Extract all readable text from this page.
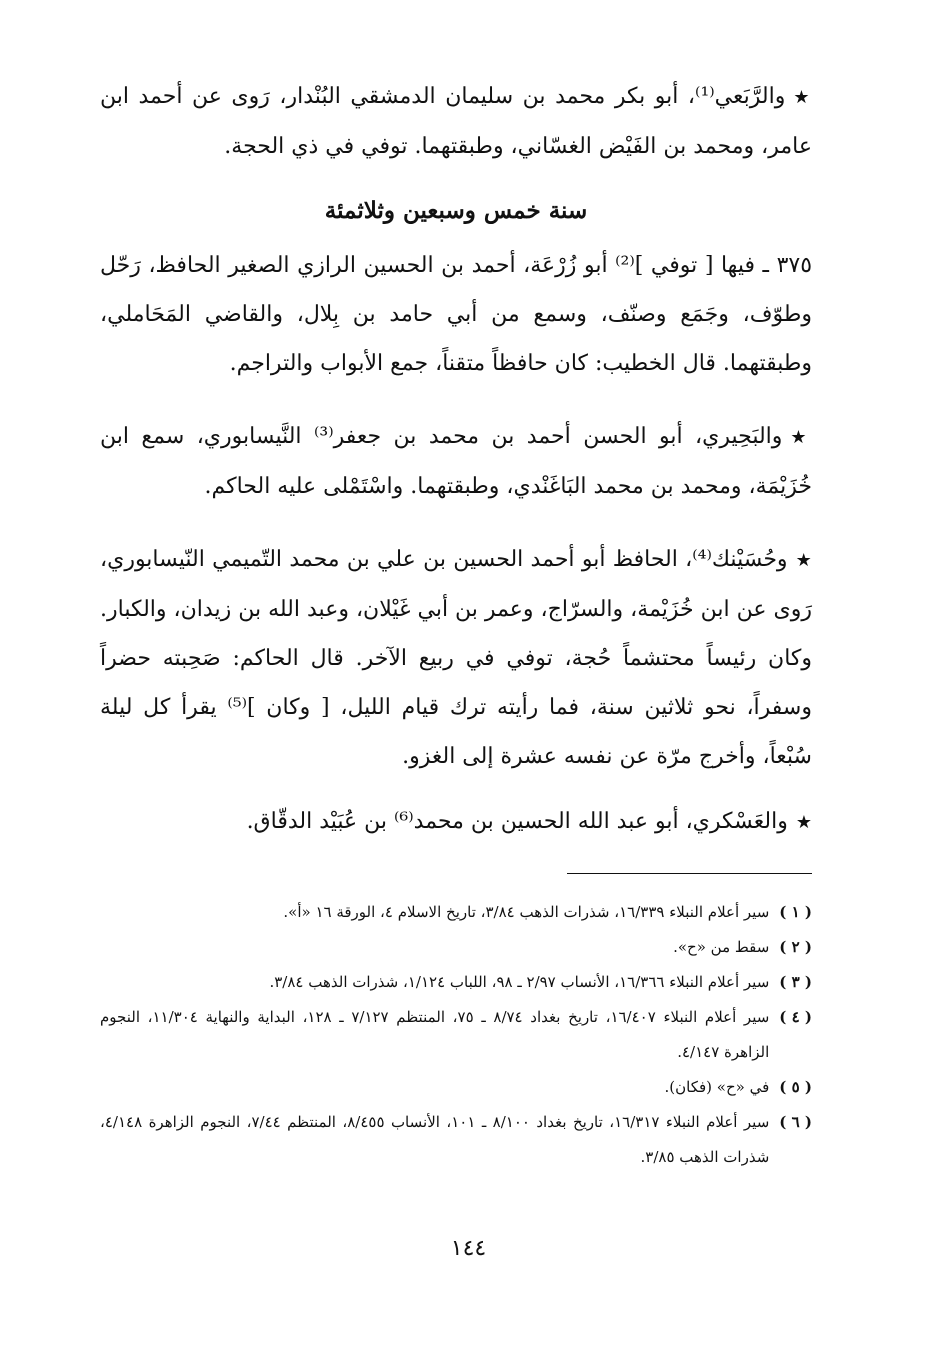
★والرَّبَعي⁽¹⁾، أبو بكر محمد بن سليمان الدمشقي البُنْدار، رَوى عن أحمد ابن عامر، ومحمد بن الفَيْض الغسّاني، وطبقتهما. توفي في ذي الحجة.

سنة خمس وسبعين وثلاثمئة

٣٧٥ ـ فيها [ توفي ]⁽²⁾ أبو زُرْعَة، أحمد بن الحسين الرازي الصغير الحافظ، رَحّل وطوّف، وجَمَع وصنّف، وسمع من أبي حامد بن بِلال، والقاضي المَحَاملي، وطبقتهما. قال الخطيب: كان حافظاً متقناً، جمع الأبواب والتراجم.

★والبَحِيري، أبو الحسن أحمد بن محمد بن جعفر⁽³⁾ النَّيسابوري، سمع ابن خُزَيْمَة، ومحمد بن محمد البَاغَنْدي، وطبقتهما. واسْتَمْلى عليه الحاكم.

★وحُسَيْنك⁽⁴⁾، الحافظ أبو أحمد الحسين بن علي بن محمد التّميمي النّيسابوري، رَوى عن ابن خُزَيْمة، والسرّاج، وعمر بن أبي غَيْلان، وعبد الله بن زيدان، والكبار. وكان رئيساً محتشماً حُجة، توفي في ربيع الآخر. قال الحاكم: صَحِبته حضراً وسفراً، نحو ثلاثين سنة، فما رأيته ترك قيام الليل، [ وكان ]⁽⁵⁾ يقرأ كل ليلة سُبْعاً، وأخرج مرّة عن نفسه عشرة إلى الغزو.

★والعَسْكري، أبو عبد الله الحسين بن محمد⁽⁶⁾ بن عُبَيْد الدقّاق.

( ١ )
سير أعلام النبلاء ١٦/٣٣٩، شذرات الذهب ٣/٨٤، تاريخ الاسلام ٤، الورقة ١٦ «أ».
( ٢ )
سقط من «ح».
( ٣ )
سير أعلام النبلاء ١٦/٣٦٦، الأنساب ٢/٩٧ ـ ٩٨، اللباب ١/١٢٤، شذرات الذهب ٣/٨٤.
( ٤ )
سير أعلام النبلاء ١٦/٤٠٧، تاريخ بغداد ٨/٧٤ ـ ٧٥، المنتظم ٧/١٢٧ ـ ١٢٨، البداية والنهاية ١١/٣٠٤، النجوم الزاهرة ٤/١٤٧.
( ٥ )
في «ح» (فكان).
( ٦ )
سير أعلام النبلاء ١٦/٣١٧، تاريخ بغداد ٨/١٠٠ ـ ١٠١، الأنساب ٨/٤٥٥، المنتظم ٧/٤٤، النجوم الزاهرة ٤/١٤٨، شذرات الذهب ٣/٨٥.
١٤٤
